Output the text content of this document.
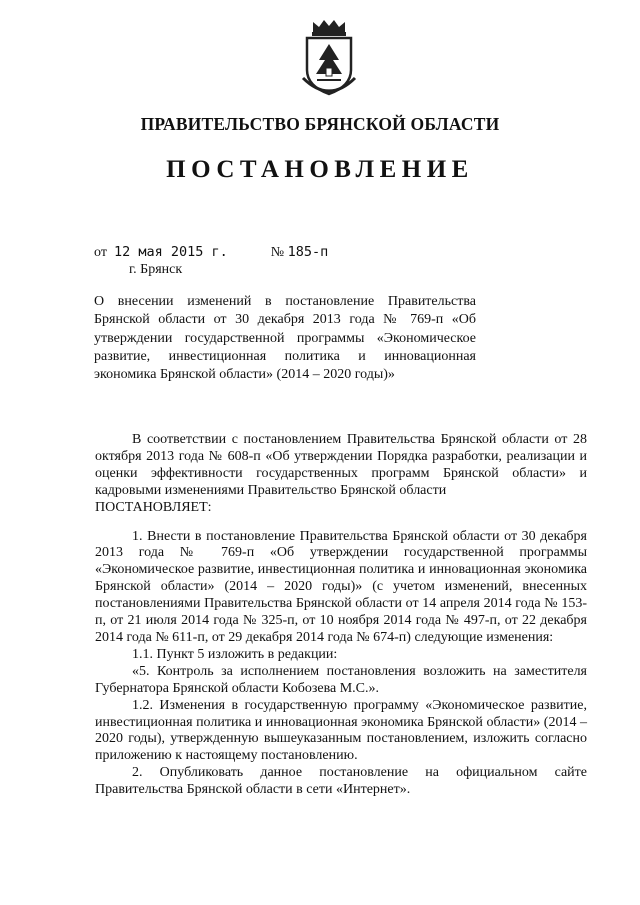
ПРАВИТЕЛЬСТВО БРЯНСКОЙ ОБЛАСТИ
ПОСТАНОВЛЕНИЕ
от 12 мая 2015 г.	№ 185-п
г. Брянск

О внесении изменений в постановление Правительства Брянской области от 30 декабря 2013 года № 769-п «Об утверждении государственной программы «Экономическое развитие, инвестиционная политика и инновационная экономика Брянской области» (2014 – 2020 годы)»

В соответствии с постановлением Правительства Брянской области от 28 октября 2013 года № 608-п «Об утверждении Порядка разработки, реализации и оценки эффективности государственных программ Брянской области» и кадровыми изменениями Правительство Брянской области

ПОСТАНОВЛЯЕТ:

1. Внести в постановление Правительства Брянской области от 30 декабря 2013 года № 769-п «Об утверждении государственной программы «Экономическое развитие, инвестиционная политика и инновационная экономика Брянской области» (2014 – 2020 годы)» (с учетом изменений, внесенных постановлениями Правительства Брянской области от 14 апреля 2014 года № 153-п, от 21 июля 2014 года № 325-п, от 10 ноября 2014 года № 497-п, от 22 декабря 2014 года № 611-п, от 29 декабря 2014 года № 674-п) следующие изменения:

1.1. Пункт 5 изложить в редакции:

«5. Контроль за исполнением постановления возложить на заместителя Губернатора Брянской области Кобозева М.С.».

1.2. Изменения в государственную программу «Экономическое развитие, инвестиционная политика и инновационная экономика Брянской области» (2014 – 2020 годы), утвержденную вышеуказанным постановлением, изложить согласно приложению к настоящему постановлению.

2. Опубликовать данное постановление на официальном сайте Правительства Брянской области в сети «Интернет».
